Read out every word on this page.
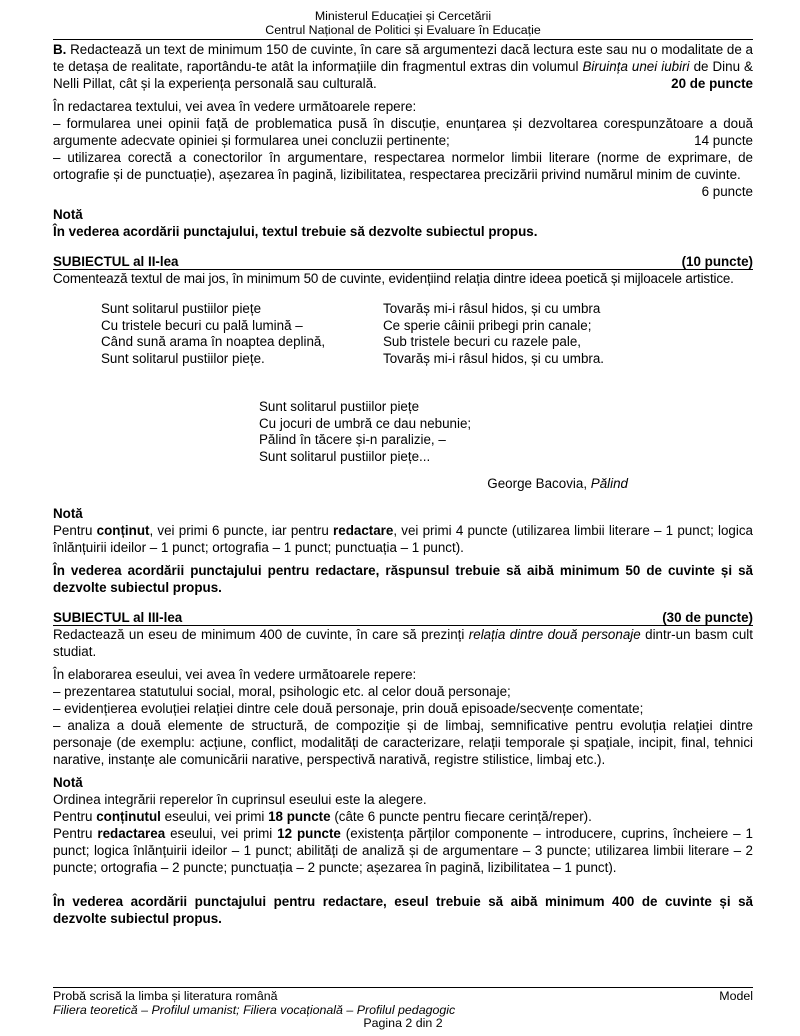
Ministerul Educației și Cercetării
Centrul Național de Politici și Evaluare în Educație

B. Redactează un text de minimum 150 de cuvinte, în care să argumentezi dacă lectura este sau nu o modalitate de a te detașa de realitate, raportându-te atât la informațiile din fragmentul extras din volumul Biruința unei iubiri de Dinu & Nelli Pillat, cât și la experiența personală sau culturală.	20 de puncte

În redactarea textului, vei avea în vedere următoarele repere:

– formularea unei opinii față de problematica pusă în discuție, enunțarea și dezvoltarea corespunzătoare a două argumente adecvate opiniei și formularea unei concluzii pertinente;	14 puncte

– utilizarea corectă a conectorilor în argumentare, respectarea normelor limbii literare (norme de exprimare, de ortografie și de punctuație), așezarea în pagină, lizibilitatea, respectarea precizării privind numărul minim de cuvinte.

6 puncte

Notă

În vederea acordării punctajului, textul trebuie să dezvolte subiectul propus.

SUBIECTUL al II-lea	(10 puncte)

Comentează textul de mai jos, în minimum 50 de cuvinte, evidențiind relația dintre ideea poetică și mijloacele artistice.

Sunt solitarul pustiilor piețe
Cu tristele becuri cu pală lumină –
Când sună arama în noaptea deplină,
Sunt solitarul pustiilor piețe.
Tovarăș mi-i râsul hidos, și cu umbra
Ce sperie câinii pribegi prin canale;
Sub tristele becuri cu razele pale,
Tovarăș mi-i râsul hidos, și cu umbra.
Sunt solitarul pustiilor piețe
Cu jocuri de umbră ce dau nebunie;
Pălind în tăcere și-n paralizie, –
Sunt solitarul pustiilor piețe...
George Bacovia, Pălind

Notă

Pentru conținut, vei primi 6 puncte, iar pentru redactare, vei primi 4 puncte (utilizarea limbii literare – 1 punct; logica înlănțuirii ideilor – 1 punct; ortografia – 1 punct; punctuația – 1 punct).

În vederea acordării punctajului pentru redactare, răspunsul trebuie să aibă minimum 50 de cuvinte și să dezvolte subiectul propus.

SUBIECTUL al III-lea	(30 de puncte)

Redactează un eseu de minimum 400 de cuvinte, în care să prezinți relația dintre două personaje dintr-un basm cult studiat.

În elaborarea eseului, vei avea în vedere următoarele repere:

– prezentarea statutului social, moral, psihologic etc. al celor două personaje;

– evidențierea evoluției relației dintre cele două personaje, prin două episoade/secvențe comentate;

– analiza a două elemente de structură, de compoziție și de limbaj, semnificative pentru evoluția relației dintre personaje (de exemplu: acțiune, conflict, modalități de caracterizare, relații temporale și spațiale, incipit, final, tehnici narative, instanțe ale comunicării narative, perspectivă narativă, registre stilistice, limbaj etc.).

Notă

Ordinea integrării reperelor în cuprinsul eseului este la alegere.

Pentru conținutul eseului, vei primi 18 puncte (câte 6 puncte pentru fiecare cerință/reper).

Pentru redactarea eseului, vei primi 12 puncte (existența părților componente – introducere, cuprins, încheiere – 1 punct; logica înlănțuirii ideilor – 1 punct; abilități de analiză și de argumentare – 3 puncte; utilizarea limbii literare – 2 puncte; ortografia – 2 puncte; punctuația – 2 puncte; așezarea în pagină, lizibilitatea – 1 punct).

În vederea acordării punctajului pentru redactare, eseul trebuie să aibă minimum 400 de cuvinte și să dezvolte subiectul propus.

Probă scrisă la limba și literatura română	Model
Filiera teoretică – Profilul umanist; Filiera vocațională – Profilul pedagogic
Pagina 2 din 2
